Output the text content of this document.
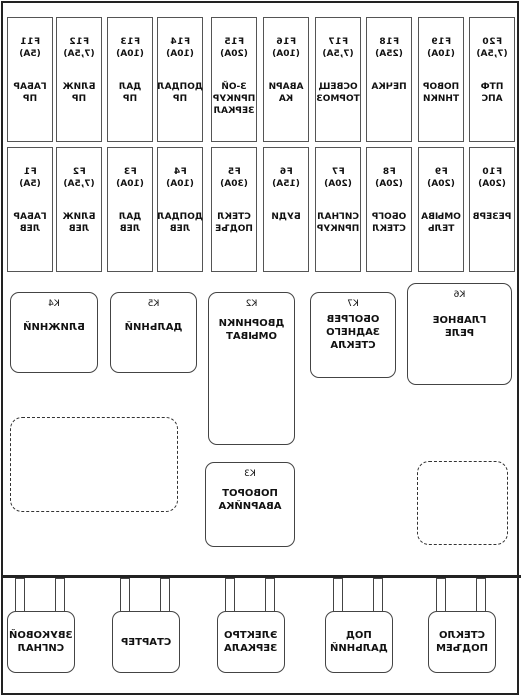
F20
(7,5A)
ПТФ
АПС
F19
(10A)
ПОВОР
ТНИКИ
F18
(25A)
ПЕЧКА
F17
(7,5A)
ОСВЕЩ
ТОРМОЗ
F16
(10A)
АВАРИ
КА
F15
(20A)
З-ОЙ
ПРИКУР
ЗЕРКАЛ
F14
(10A)
ДОПДАЛ
ПР
F13
(10A)
ДАЛ
ПР
F12
(7,5A)
БЛИЖ
ПР
F11
(5A)
ГАБАР
ПР
F10
(20A)
РЕЗЕРВ
F9
(20A)
ОМЫВА
ТЕЛЬ
F8
(20A)
ОБОГР
СТЕКЛ
F7
(20A)
СИГНАЛ
ПРИКУР
F6
(15A)
БУДИ
F5
(30A)
СТЕКЛ
ПОДЪЕ
F4
(10A)
ДОПДАЛ
ЛЕВ
F3
(10A)
ДАЛ
ЛЕВ
F2
(7,5A)
БЛИЖ
ЛЕВ
F1
(5A)
ГАБАР
ЛЕВ
K6
ГЛАВНОЕ
РЕЛЕ
K7
ОБОГРЕВ
ЗАДНЕГО
СТЕКЛА
K2
ДВОРНИКИ
ОМЫВАТ
K5
ДАЛЬНИЙ
K4
БЛИЖНИЙ
K3
ПОВОРОТ
АВАРИЙКА
СТЕКЛО
ПОДЪЕМ
ПОД
ДАЛЬНИЙ
ЭЛЕКТРО
ЗЕРКАЛА
СТАРТЕР
ЗВУКОВОЙ
СИГНАЛ
